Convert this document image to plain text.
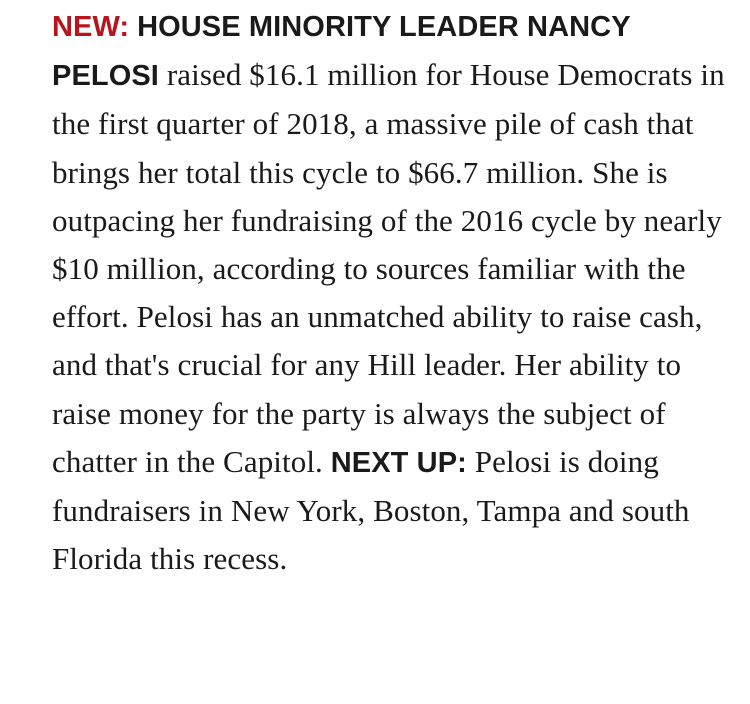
NEW: HOUSE MINORITY LEADER NANCY PELOSI raised $16.1 million for House Democrats in the first quarter of 2018, a massive pile of cash that brings her total this cycle to $66.7 million. She is outpacing her fundraising of the 2016 cycle by nearly $10 million, according to sources familiar with the effort. Pelosi has an unmatched ability to raise cash, and that's crucial for any Hill leader. Her ability to raise money for the party is always the subject of chatter in the Capitol. NEXT UP: Pelosi is doing fundraisers in New York, Boston, Tampa and south Florida this recess.
